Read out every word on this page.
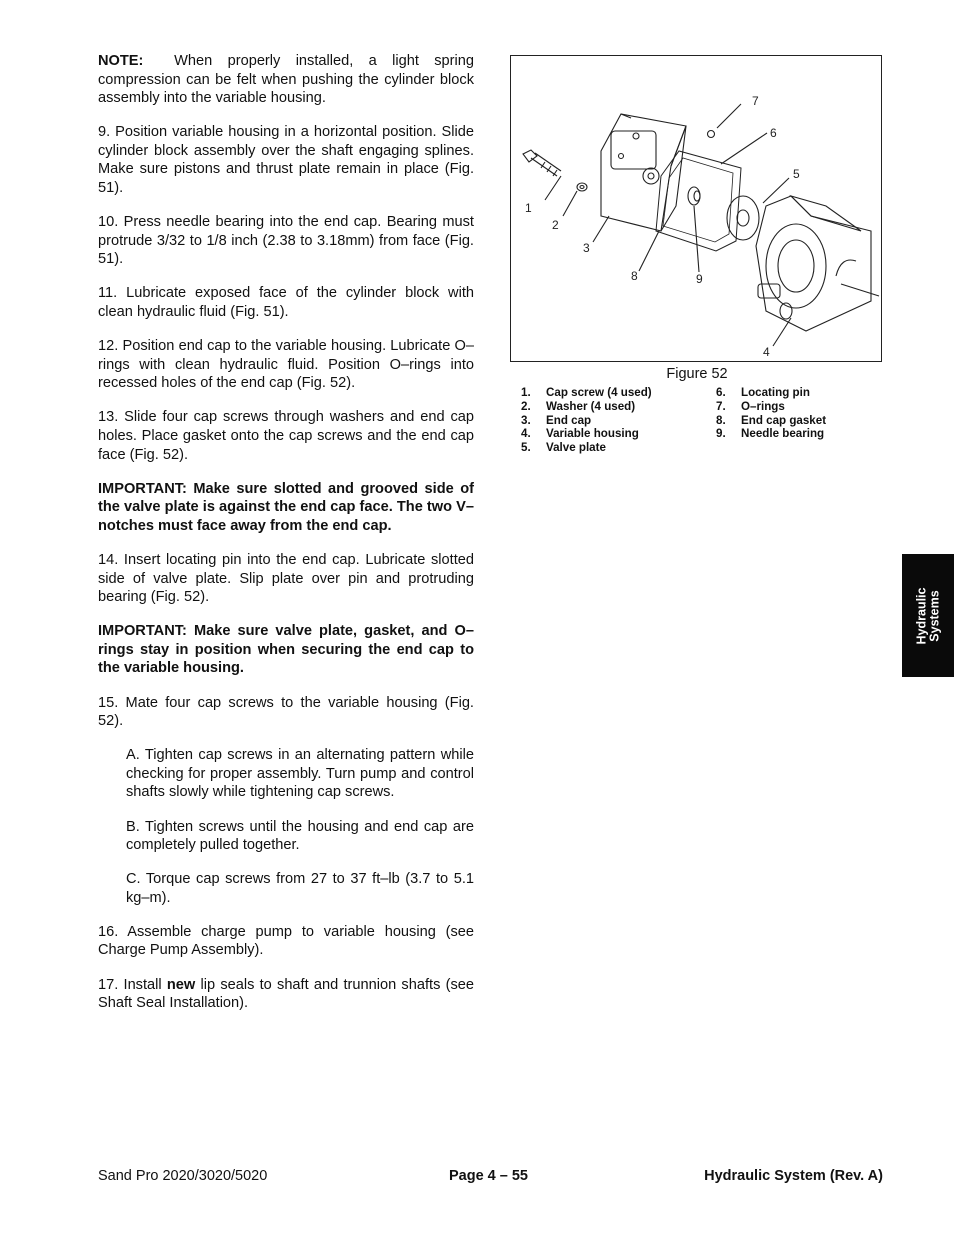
NOTE: When properly installed, a light spring compression can be felt when pushing the cylinder block assembly into the variable housing.

9. Position variable housing in a horizontal position. Slide cylinder block assembly over the shaft engaging splines. Make sure pistons and thrust plate remain in place (Fig. 51).

10. Press needle bearing into the end cap. Bearing must protrude 3/32 to 1/8 inch (2.38 to 3.18mm) from face (Fig. 51).

11. Lubricate exposed face of the cylinder block with clean hydraulic fluid (Fig. 51).

12. Position end cap to the variable housing. Lubricate O–rings with clean hydraulic fluid. Position O–rings into recessed holes of the end cap (Fig. 52).

13. Slide four cap screws through washers and end cap holes. Place gasket onto the cap screws and the end cap face (Fig. 52).

IMPORTANT: Make sure slotted and grooved side of the valve plate is against the end cap face. The two V–notches must face away from the end cap.

14. Insert locating pin into the end cap. Lubricate slotted side of valve plate. Slip plate over pin and protruding bearing (Fig. 52).

IMPORTANT: Make sure valve plate, gasket, and O–rings stay in position when securing the end cap to the variable housing.

15. Mate four cap screws to the variable housing (Fig. 52).

A. Tighten cap screws in an alternating pattern while checking for proper assembly. Turn pump and control shafts slowly while tightening cap screws.

B. Tighten screws until the housing and end cap are completely pulled together.

C. Torque cap screws from 27 to 37 ft–lb (3.7 to 5.1 kg–m).

16. Assemble charge pump to variable housing (see Charge Pump Assembly).

17. Install new lip seals to shaft and trunnion shafts (see Shaft Seal Installation).

1
2
3
4
5
6
7
8	9
Figure 52
1.	Cap screw (4 used)
2.	Washer (4 used)
3.	End cap
4.	Variable housing
5.	Valve plate
6.	Locating pin
7.	O–rings
8.	End cap gasket
9.	Needle bearing
Hydraulic Systems
Sand Pro 2020/3020/5020	Page 4 – 55	Hydraulic System (Rev. A)
